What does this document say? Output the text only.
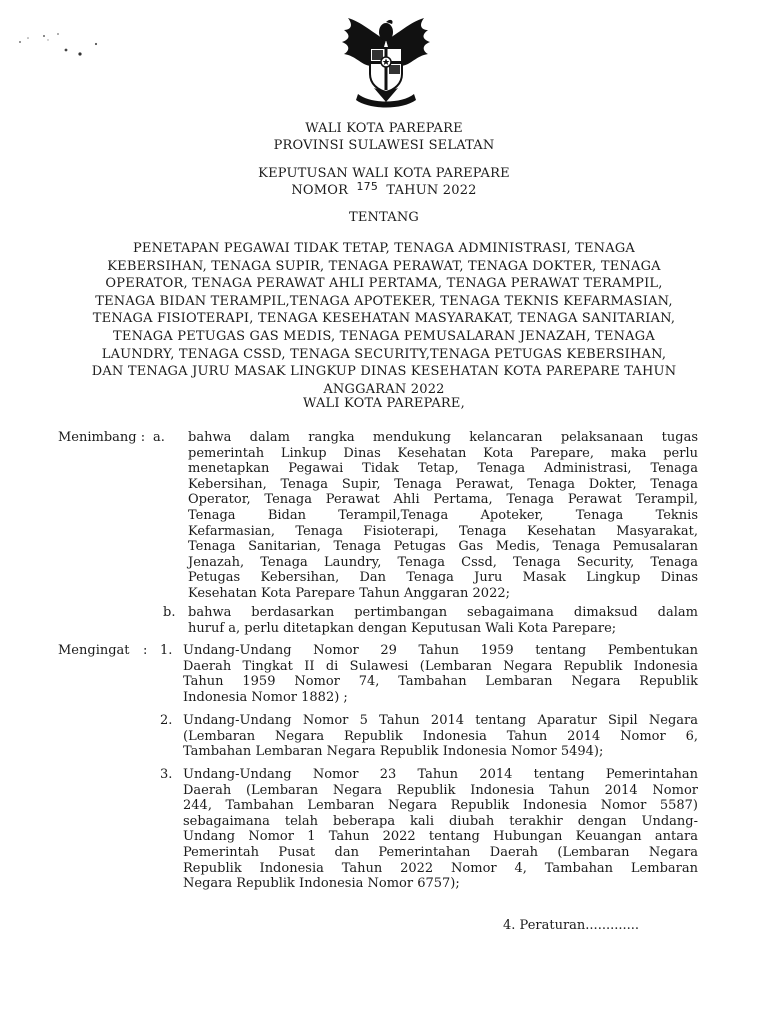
WALI KOTA PAREPARE
PROVINSI SULAWESI SELATAN
KEPUTUSAN WALI KOTA PAREPARE
NOMOR $^{175}$ TAHUN 2022
TENTANG
PENETAPAN PEGAWAI TIDAK TETAP, TENAGA ADMINISTRASI, TENAGA
KEBERSIHAN, TENAGA SUPIR, TENAGA PERAWAT, TENAGA DOKTER, TENAGA
OPERATOR, TENAGA PERAWAT AHLI PERTAMA, TENAGA PERAWAT TERAMPIL,
TENAGA BIDAN TERAMPIL,TENAGA APOTEKER, TENAGA TEKNIS KEFARMASIAN,
TENAGA FISIOTERAPI, TENAGA KESEHATAN MASYARAKAT, TENAGA SANITARIAN,
TENAGA PETUGAS GAS MEDIS, TENAGA PEMUSALARAN JENAZAH, TENAGA
LAUNDRY, TENAGA CSSD, TENAGA SECURITY,TENAGA PETUGAS KEBERSIHAN,
DAN TENAGA JURU MASAK LINGKUP DINAS KESEHATAN KOTA PAREPARE TAHUN
ANGGARAN 2022
WALI KOTA PAREPARE,
Menimbang : a. bahwa dalam rangka mendukung kelancaran pelaksanaan tugas
pemerintah Linkup Dinas Kesehatan Kota Parepare, maka perlu
menetapkan Pegawai Tidak Tetap, Tenaga Administrasi, Tenaga
Kebersihan, Tenaga Supir, Tenaga Perawat, Tenaga Dokter, Tenaga
Operator, Tenaga Perawat Ahli Pertama, Tenaga Perawat Terampil,
Tenaga Bidan Terampil,Tenaga Apoteker, Tenaga Teknis
Kefarmasian, Tenaga Fisioterapi, Tenaga Kesehatan Masyarakat,
Tenaga Sanitarian, Tenaga Petugas Gas Medis, Tenaga Pemusalaran
Jenazah, Tenaga Laundry, Tenaga Cssd, Tenaga Security, Tenaga
Petugas Kebersihan, Dan Tenaga Juru Masak Lingkup Dinas
Kesehatan Kota Parepare Tahun Anggaran 2022;
b. bahwa berdasarkan pertimbangan sebagaimana dimaksud dalam
huruf a, perlu ditetapkan dengan Keputusan Wali Kota Parepare;
Mengingat : 1. Undang-Undang Nomor 29 Tahun 1959 tentang Pembentukan
Daerah Tingkat II di Sulawesi (Lembaran Negara Republik Indonesia
Tahun 1959 Nomor 74, Tambahan Lembaran Negara Republik
Indonesia Nomor 1882) ;
2. Undang-Undang Nomor 5 Tahun 2014 tentang Aparatur Sipil Negara
(Lembaran Negara Republik Indonesia Tahun 2014 Nomor 6,
Tambahan Lembaran Negara Republik Indonesia Nomor 5494);
3. Undang-Undang Nomor 23 Tahun 2014 tentang Pemerintahan
Daerah (Lembaran Negara Republik Indonesia Tahun 2014 Nomor
244, Tambahan Lembaran Negara Republik Indonesia Nomor 5587)
sebagaimana telah beberapa kali diubah terakhir dengan Undang-
Undang Nomor 1 Tahun 2022 tentang Hubungan Keuangan antara
Pemerintah Pusat dan Pemerintahan Daerah (Lembaran Negara
Republik Indonesia Tahun 2022 Nomor 4, Tambahan Lembaran
Negara Republik Indonesia Nomor 6757);
4. Peraturan.............
